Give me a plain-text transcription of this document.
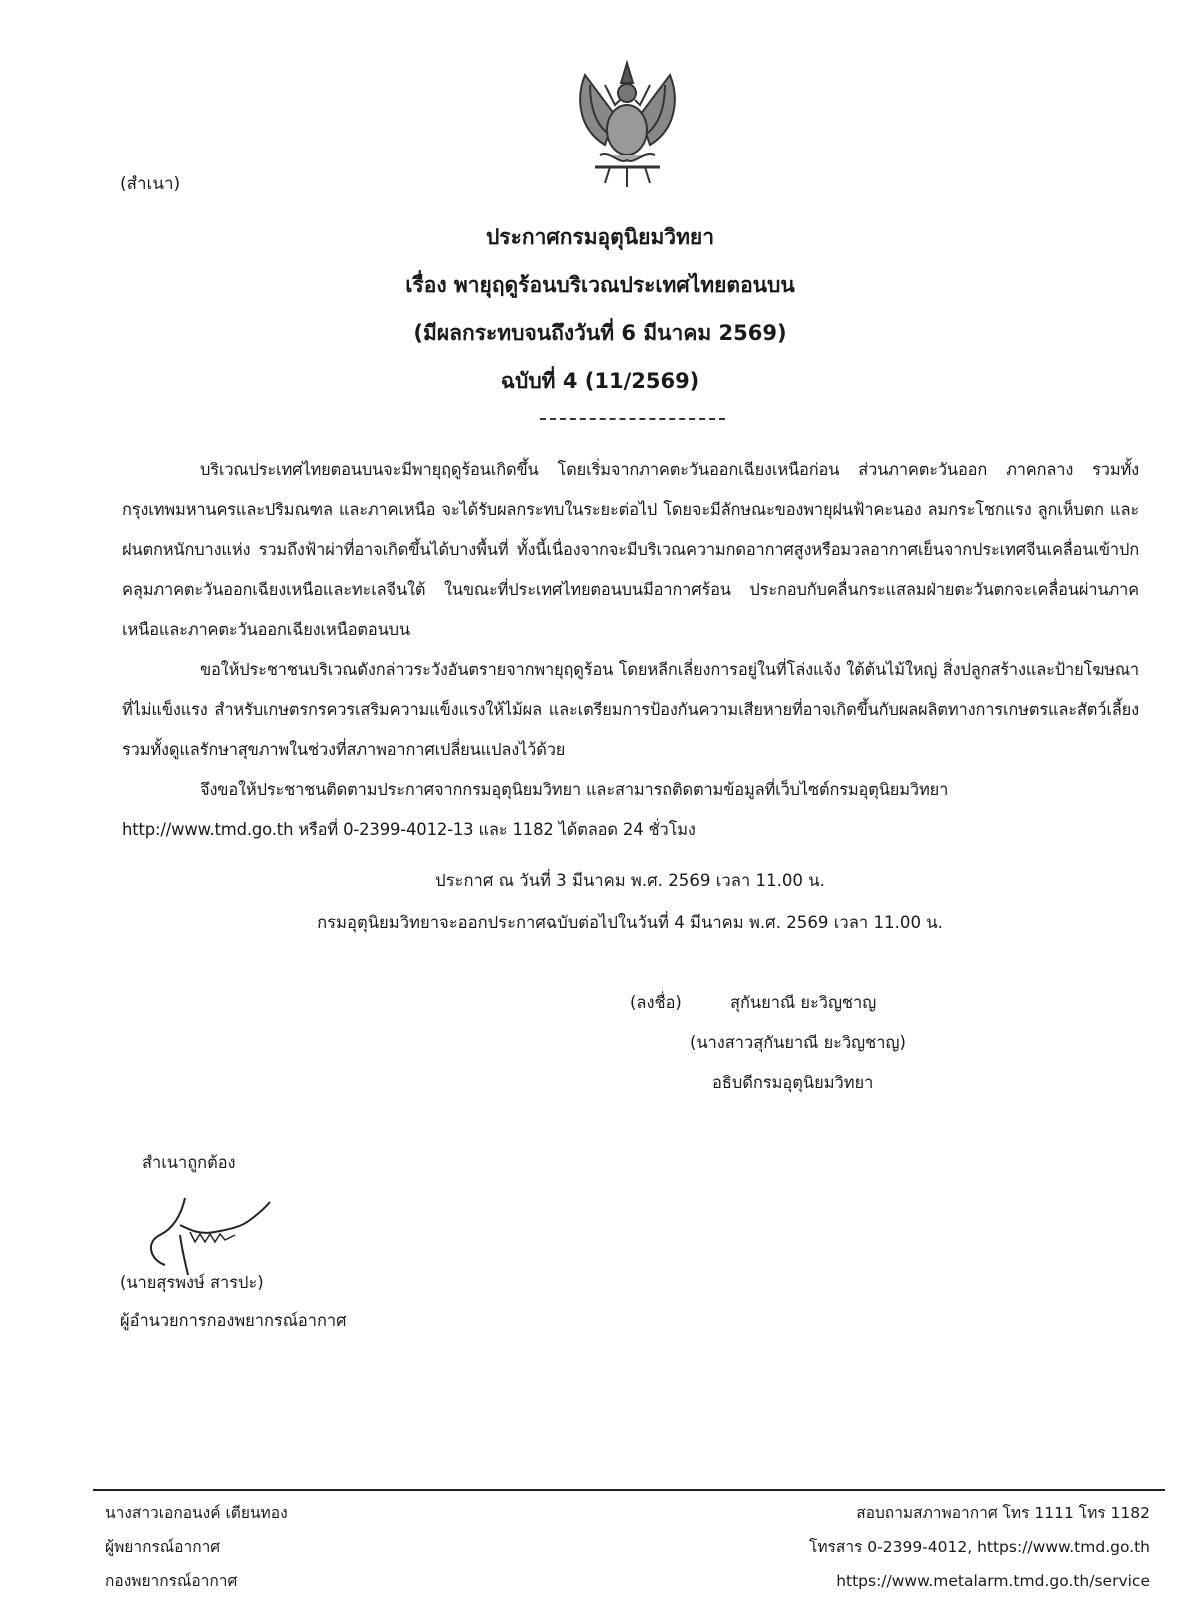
(สำเนา)
ประกาศกรมอุตุนิยมวิทยา
เรื่อง พายุฤดูร้อนบริเวณประเทศไทยตอนบน
(มีผลกระทบจนถึงวันที่ 6 มีนาคม 2569)
ฉบับที่ 4 (11/2569)

บริเวณประเทศไทยตอนบนจะมีพายุฤดูร้อนเกิดขึ้น โดยเริ่มจากภาคตะวันออกเฉียงเหนือก่อน ส่วนภาคตะวันออก ภาคกลาง รวมทั้งกรุงเทพมหานครและปริมณฑล และภาคเหนือ จะได้รับผลกระทบในระยะต่อไป โดยจะมีลักษณะของพายุฝนฟ้าคะนอง ลมกระโชกแรง ลูกเห็บตก และฝนตกหนักบางแห่ง รวมถึงฟ้าผ่าที่อาจเกิดขึ้นได้บางพื้นที่ ทั้งนี้เนื่องจากจะมีบริเวณความกดอากาศสูงหรือมวลอากาศเย็นจากประเทศจีนเคลื่อนเข้าปกคลุมภาคตะวันออกเฉียงเหนือและทะเลจีนใต้ ในขณะที่ประเทศไทยตอนบนมีอากาศร้อน ประกอบกับคลื่นกระแสลมฝ่ายตะวันตกจะเคลื่อนผ่านภาคเหนือและภาคตะวันออกเฉียงเหนือตอนบน

ขอให้ประชาชนบริเวณดังกล่าวระวังอันตรายจากพายุฤดูร้อน โดยหลีกเลี่ยงการอยู่ในที่โล่งแจ้ง ใต้ต้นไม้ใหญ่ สิ่งปลูกสร้างและป้ายโฆษณาที่ไม่แข็งแรง สำหรับเกษตรกรควรเสริมความแข็งแรงให้ไม้ผล และเตรียมการป้องกันความเสียหายที่อาจเกิดขึ้นกับผลผลิตทางการเกษตรและสัตว์เลี้ยง รวมทั้งดูแลรักษาสุขภาพในช่วงที่สภาพอากาศเปลี่ยนแปลงไว้ด้วย

จึงขอให้ประชาชนติดตามประกาศจากกรมอุตุนิยมวิทยา และสามารถติดตามข้อมูลที่เว็บไซต์กรมอุตุนิยมวิทยา

http://www.tmd.go.th หรือที่ 0-2399-4012-13 และ 1182 ได้ตลอด 24 ชั่วโมง

ประกาศ ณ วันที่ 3 มีนาคม พ.ศ. 2569 เวลา 11.00 น.
กรมอุตุนิยมวิทยาจะออกประกาศฉบับต่อไปในวันที่ 4 มีนาคม พ.ศ. 2569 เวลา 11.00 น.
(ลงชื่อ)	สุกันยาณี ยะวิญชาญ
(นางสาวสุกันยาณี ยะวิญชาญ)
อธิบดีกรมอุตุนิยมวิทยา
สำเนาถูกต้อง
(นายสุรพงษ์ สารปะ)
ผู้อำนวยการกองพยากรณ์อากาศ
นางสาวเอกอนงค์ เตียนทอง
ผู้พยากรณ์อากาศ
กองพยากรณ์อากาศ
สอบถามสภาพอากาศ โทร 1111 โทร 1182
โทรสาร 0-2399-4012, https://www.tmd.go.th
https://www.metalarm.tmd.go.th/service
